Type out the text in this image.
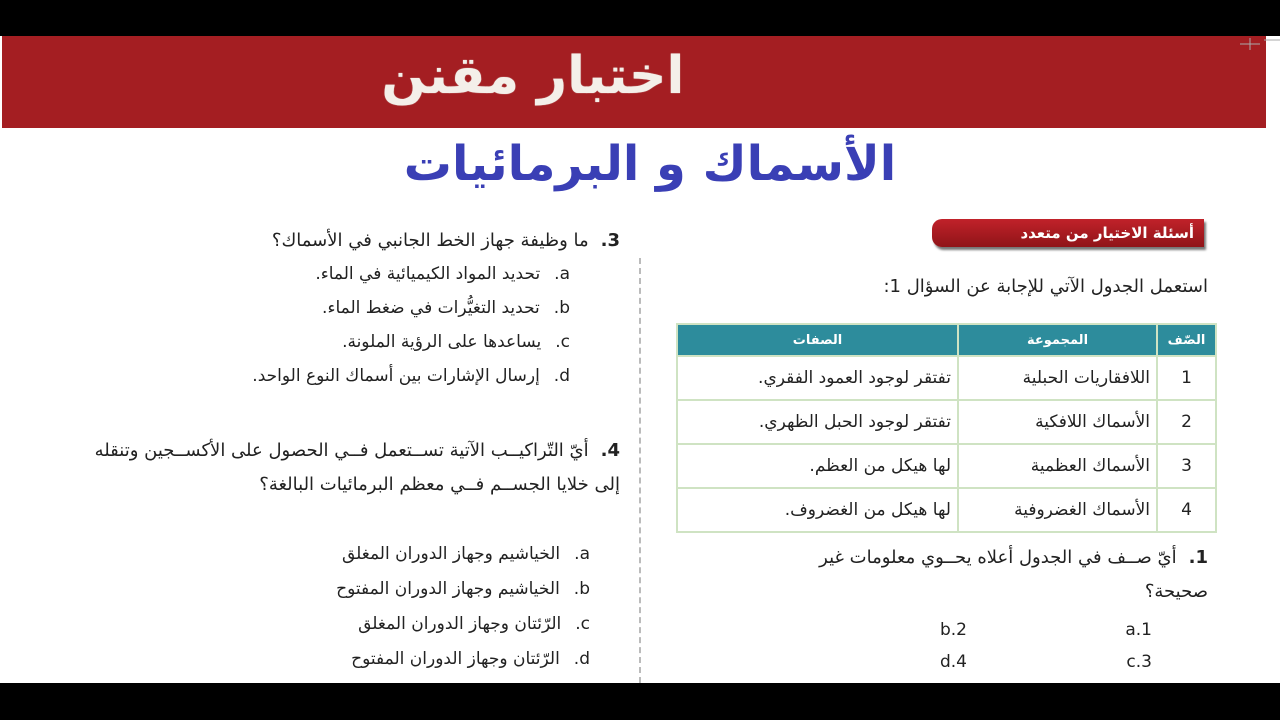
اختبار مقنن
الأسماك و البرمائيات
أسئلة الاختيار من متعدد
استعمل الجدول الآتي للإجابة عن السؤال 1:
الصّف	المجموعة	الصفات
1	اللافقاريات الحبلية	تفتقر لوجود العمود الفقري.
2	الأسماك اللافكية	تفتقر لوجود الحبل الظهري.
3	الأسماك العظمية	لها هيكل من العظم.
4	الأسماك الغضروفية	لها هيكل من الغضروف.
1.أيّ صــف في الجدول أعلاه يحــوي معلومات غير صحيحة؟
a.1
b.2
c.3
d.4
3.ما وظيفة جهاز الخط الجانبي في الأسماك؟
a.تحديد المواد الكيميائية في الماء.
b.تحديد التغيُّرات في ضغط الماء.
c.يساعدها على الرؤية الملونة.
d.إرسال الإشارات بين أسماك النوع الواحد.
4.أيّ التّراكيــب الآتية تســتعمل فــي الحصول على الأكســجين وتنقله إلى خلايا الجســم فــي معظم البرمائيات البالغة؟
a.الخياشيم وجهاز الدوران المغلق
b.الخياشيم وجهاز الدوران المفتوح
c.الرّئتان وجهاز الدوران المغلق
d.الرّئتان وجهاز الدوران المفتوح
